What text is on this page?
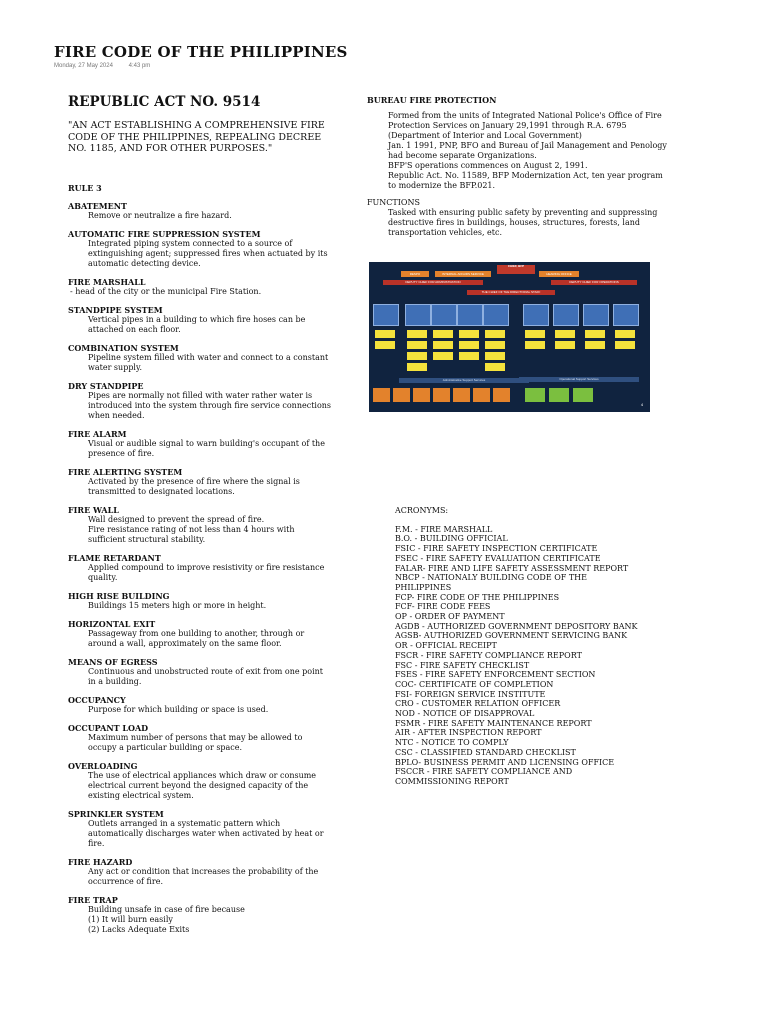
FIRE CODE OF THE PHILIPPINES
Monday, 27 May 2024	4:43 pm
REPUBLIC ACT NO. 9514
"AN ACT ESTABLISHING A COMPREHENSIVE FIRE CODE OF THE PHILIPPINES, REPEALING DECREE NO. 1185, AND FOR OTHER PURPOSES."
RULE 3
ABATEMENT
Remove or neutralize a fire hazard.
AUTOMATIC FIRE SUPPRESSION SYSTEM
Integrated piping system connected to a source of extinguishing agent; suppressed fires when actuated by its automatic detecting device.
FIRE MARSHALL
- head of the city or the municipal Fire Station.
STANDPIPE SYSTEM
Vertical pipes in a building to which fire hoses can be attached on each floor.
COMBINATION SYSTEM
Pipeline system filled with water and connect to a constant water supply.
DRY STANDPIPE
Pipes are normally not filled with water rather water is introduced into the system through fire service connections when needed.
FIRE ALARM
Visual or audible signal to warn building's occupant of the presence of fire.
FIRE ALERTING SYSTEM
Activated by the presence of fire where the signal is transmitted to designated locations.
FIRE WALL
Wall designed to prevent the spread of fire.
Fire resistance rating of not less than 4 hours with sufficient structural stability.
FLAME RETARDANT
Applied compound to improve resistivity or fire resistance quality.
HIGH RISE BUILDING
Buildings 15 meters high or more in height.
HORIZONTAL EXIT
Passageway from one building to another, through or around a wall, approximately on the same floor.
MEANS OF EGRESS
Continuous and unobstructed route of exit from one point in a building.
OCCUPANCY
Purpose for which building or space is used.
OCCUPANT LOAD
Maximum number of persons that may be allowed to occupy a particular building or space.
OVERLOADING
The use of electrical appliances which draw or consume electrical current beyond the designed capacity of the existing electrical system.
SPRINKLER SYSTEM
Outlets arranged in a systematic pattern which automatically discharges water when activated by heat or fire.
FIRE HAZARD
Any act or condition that increases the probability of the occurrence of fire.
FIRE TRAP
Building unsafe in case of fire because
(1) It will burn easily
(2) Lacks Adequate Exits
BUREAU FIRE PROTECTION
Formed from the units of Integrated National Police's Office of Fire Protection Services on January 29,1991 through R.A. 6795
(Department of Interior and Local Government)
Jan. 1 1991, PNP, BFO and Bureau of Jail Management and Penology had become separate Organizations.
BFP'S operations commences on August 2, 1991.
Republic Act. No. 11589, BFP Modernization Act, ten year program to modernize the BFP.021.
FUNCTIONS
Tasked with ensuring public safety by preventing and suppressing destructive fires in buildings, houses, structures, forests, land transportation vehicles, etc.
CHIEF, BFP
RESPO	INTERNAL AFFAIRS SERVICE	HEARING OFFICE
DEPUTY CHIEF FOR ADMINISTRATION	DEPUTY CHIEF FOR OPERATIONS
THE CHIEF OF THE DIRECTORIAL STAFF
Administrative Support Services	Operational Support Services
4
ACRONYMS:
F.M. - FIRE MARSHALL
B.O. - BUILDING OFFICIAL
FSIC - FIRE SAFETY INSPECTION CERTIFICATE
FSEC - FIRE SAFETY EVALUATION CERTIFICATE
FALAR- FIRE AND LIFE SAFETY ASSESSMENT REPORT
NBCP - NATIONALY BUILDING CODE OF THE PHILIPPINES
FCP- FIRE CODE OF THE PHILIPPINES
FCF- FIRE CODE FEES
OP - ORDER OF PAYMENT
AGDB - AUTHORIZED GOVERNMENT DEPOSITORY BANK
AGSB- AUTHORIZED GOVERNMENT SERVICING BANK
OR - OFFICIAL RECEIPT
FSCR - FIRE SAFETY COMPLIANCE REPORT
FSC - FIRE SAFETY CHECKLIST
FSES - FIRE SAFETY ENFORCEMENT SECTION
COC- CERTIFICATE OF COMPLETION
FSI- FOREIGN SERVICE INSTITUTE
CRO - CUSTOMER RELATION OFFICER
NOD - NOTICE OF DISAPPROVAL
FSMR - FIRE SAFETY MAINTENANCE REPORT
AIR - AFTER INSPECTION REPORT
NTC - NOTICE TO COMPLY
CSC - CLASSIFIED STANDARD CHECKLIST
BPLO- BUSINESS PERMIT AND LICENSING OFFICE
FSCCR - FIRE SAFETY COMPLIANCE AND COMMISSIONING REPORT
